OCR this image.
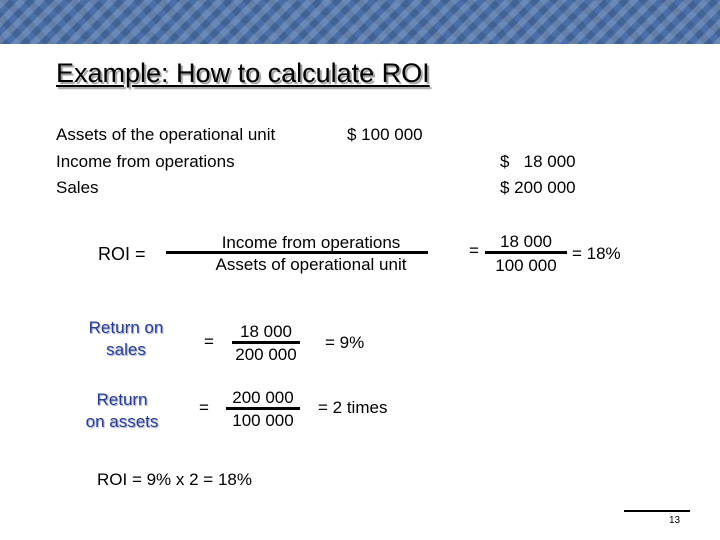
Example: How to calculate ROI
Assets of the operational unit	$ 100 000
Income from operations	$   18 000
Sales	$ 200 000
ROI =
Income from operations
Assets of operational unit
=	18 000
100 000
= 18%
Return on
sales	=
18 000
200 000
= 9%
Return
on assets
=
200 000
100 000
= 2 times
ROI = 9% x 2 = 18%
13
